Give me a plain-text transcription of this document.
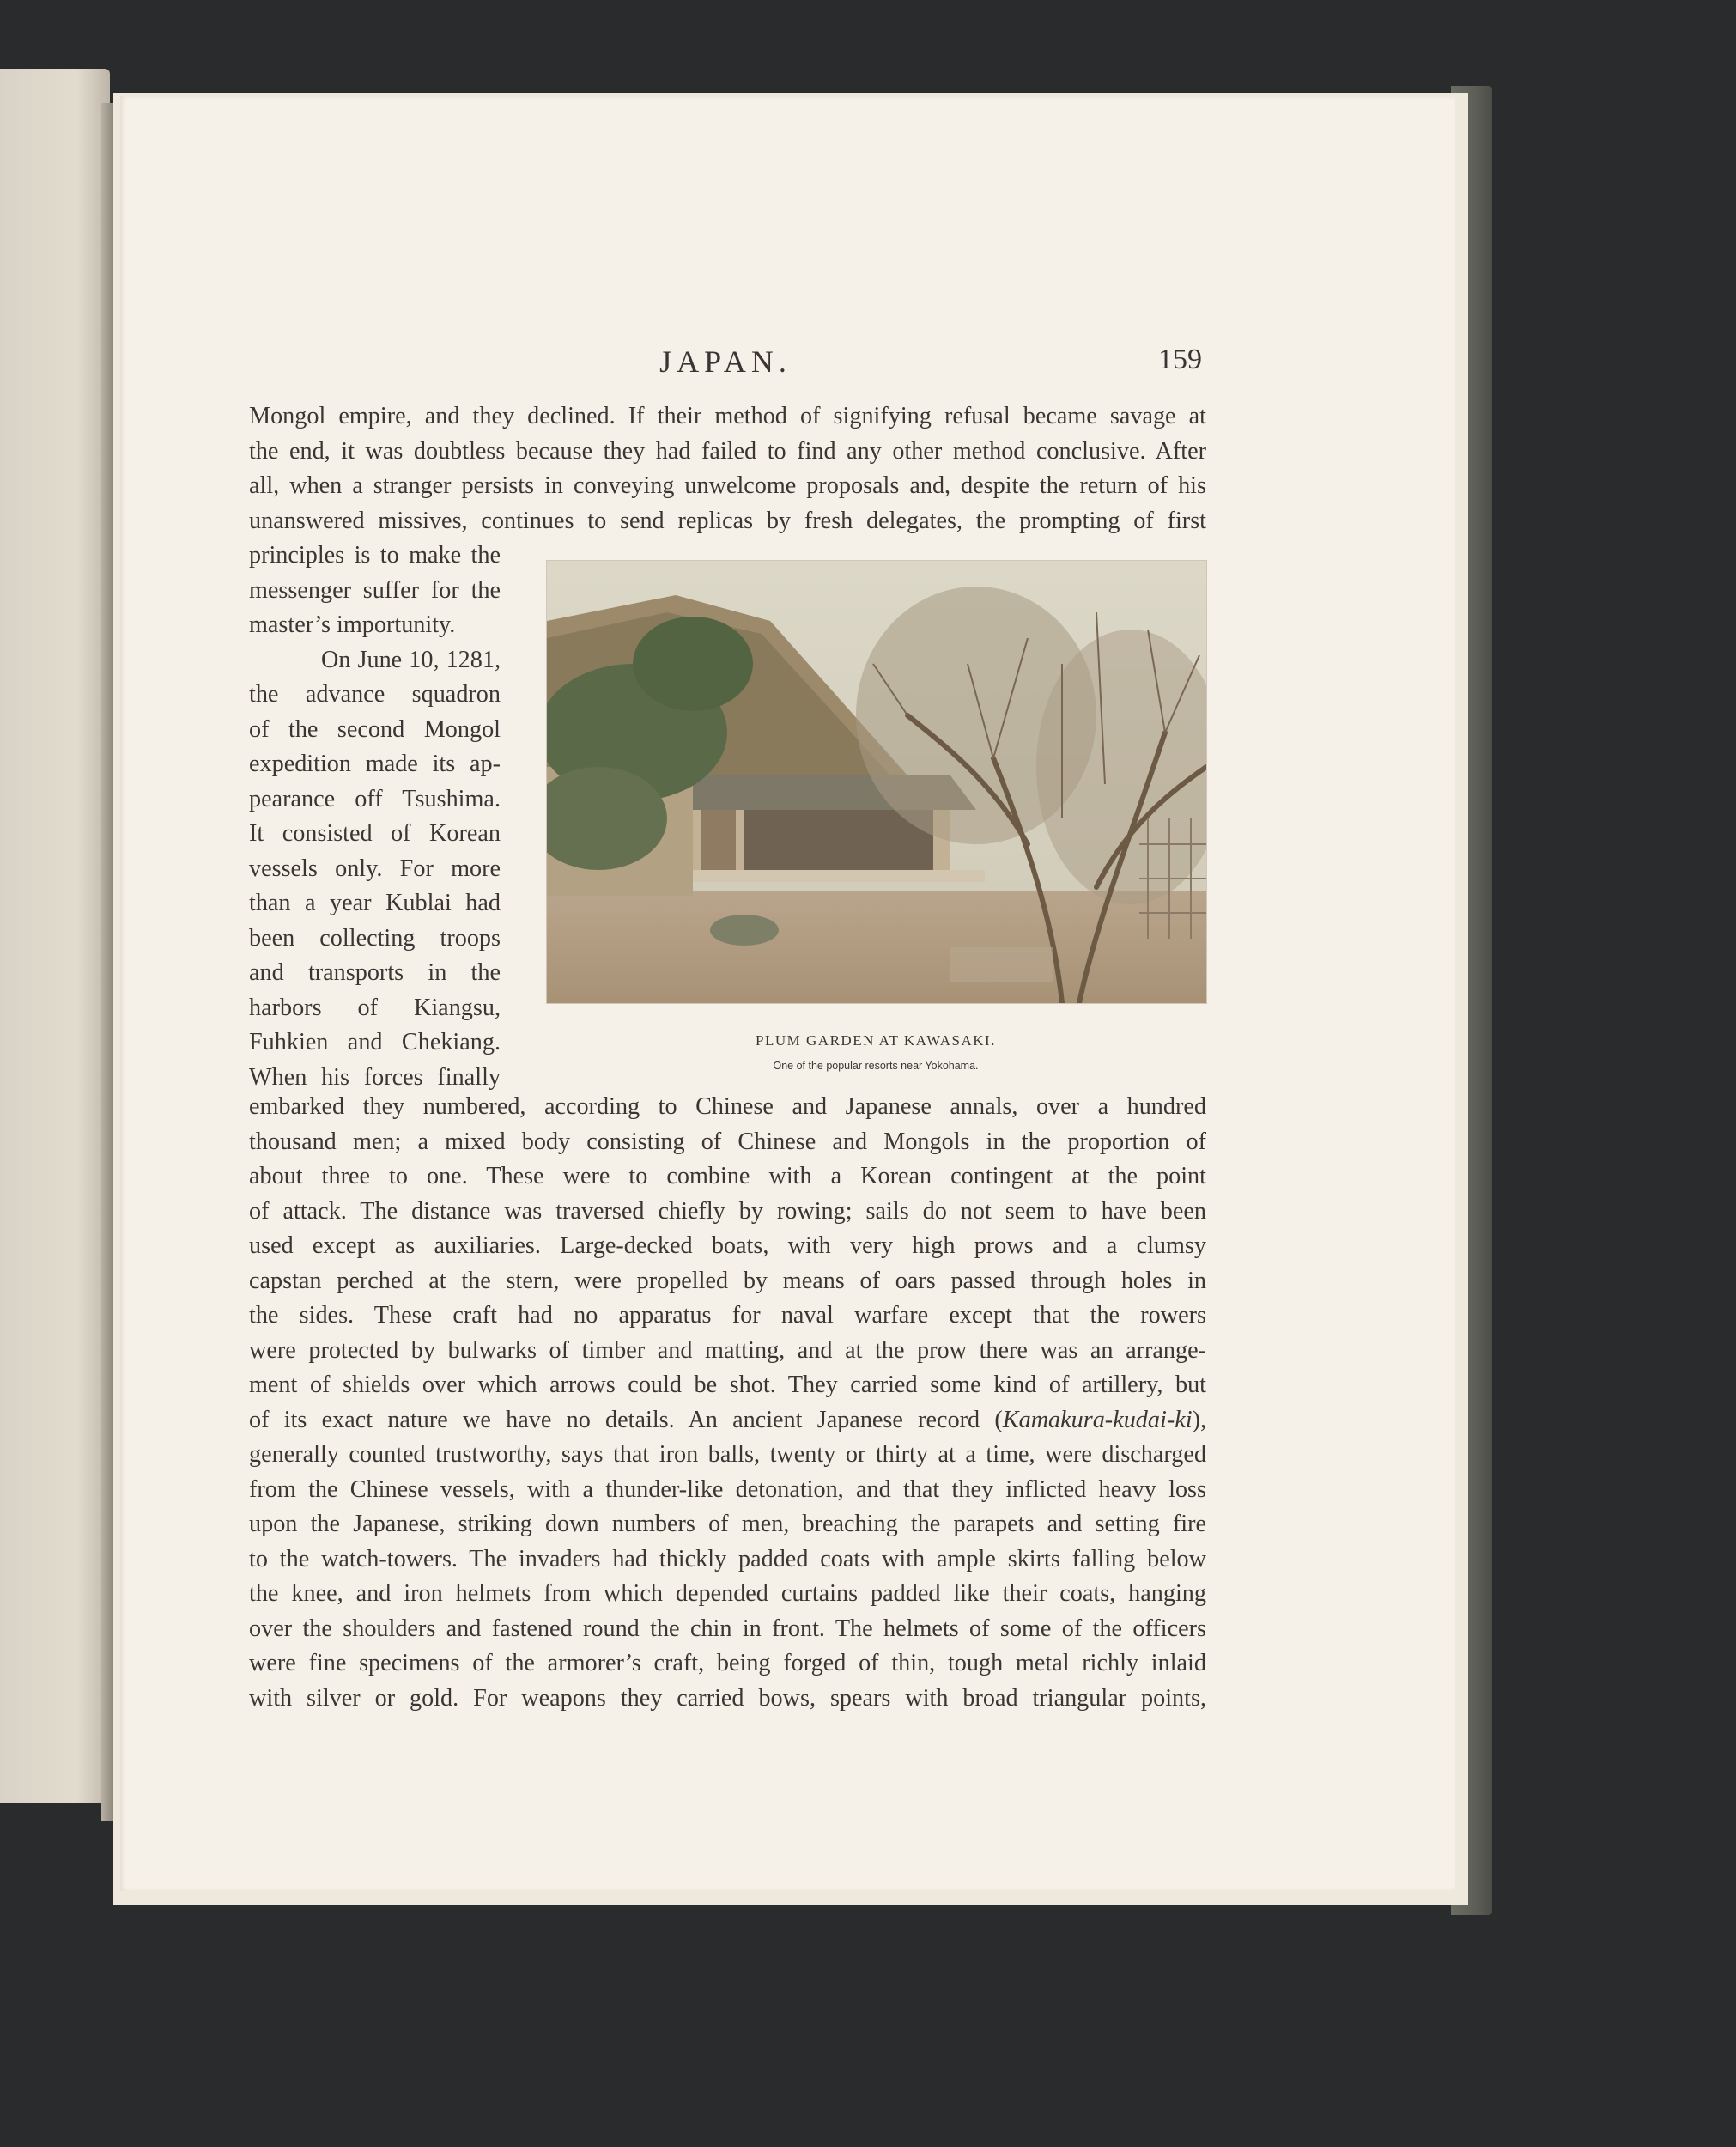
JAPAN.	159

Mongol empire, and they declined. If their method of signifying refusal became savage at

the end, it was doubtless because they had failed to find any other method conclusive. After

all, when a stranger persists in conveying unwelcome proposals and, despite the return of his

unanswered missives, continues to send replicas by fresh delegates, the prompting of first

principles is to make the

messenger suffer for the

master’s importunity.

On June 10, 1281,

the advance squadron

of the second Mongol

expedition made its ap-

pearance off Tsushima.

It consisted of Korean

vessels only. For more

than a year Kublai had

been collecting troops

and transports in the

harbors of Kiangsu,

Fuhkien and Chekiang.

When his forces finally

PLUM GARDEN AT KAWASAKI.
One of the popular resorts near Yokohama.

embarked they numbered, according to Chinese and Japanese annals, over a hundred

thousand men; a mixed body consisting of Chinese and Mongols in the proportion of

about three to one. These were to combine with a Korean contingent at the point

of attack. The distance was traversed chiefly by rowing; sails do not seem to have been

used except as auxiliaries. Large-decked boats, with very high prows and a clumsy

capstan perched at the stern, were propelled by means of oars passed through holes in

the sides. These craft had no apparatus for naval warfare except that the rowers

were protected by bulwarks of timber and matting, and at the prow there was an arrange-

ment of shields over which arrows could be shot. They carried some kind of artillery, but

of its exact nature we have no details. An ancient Japanese record (Kamakura-kudai-ki),

generally counted trustworthy, says that iron balls, twenty or thirty at a time, were discharged

from the Chinese vessels, with a thunder-like detonation, and that they inflicted heavy loss

upon the Japanese, striking down numbers of men, breaching the parapets and setting fire

to the watch-towers. The invaders had thickly padded coats with ample skirts falling below

the knee, and iron helmets from which depended curtains padded like their coats, hanging

over the shoulders and fastened round the chin in front. The helmets of some of the officers

were fine specimens of the armorer’s craft, being forged of thin, tough metal richly inlaid

with silver or gold. For weapons they carried bows, spears with broad triangular points,
